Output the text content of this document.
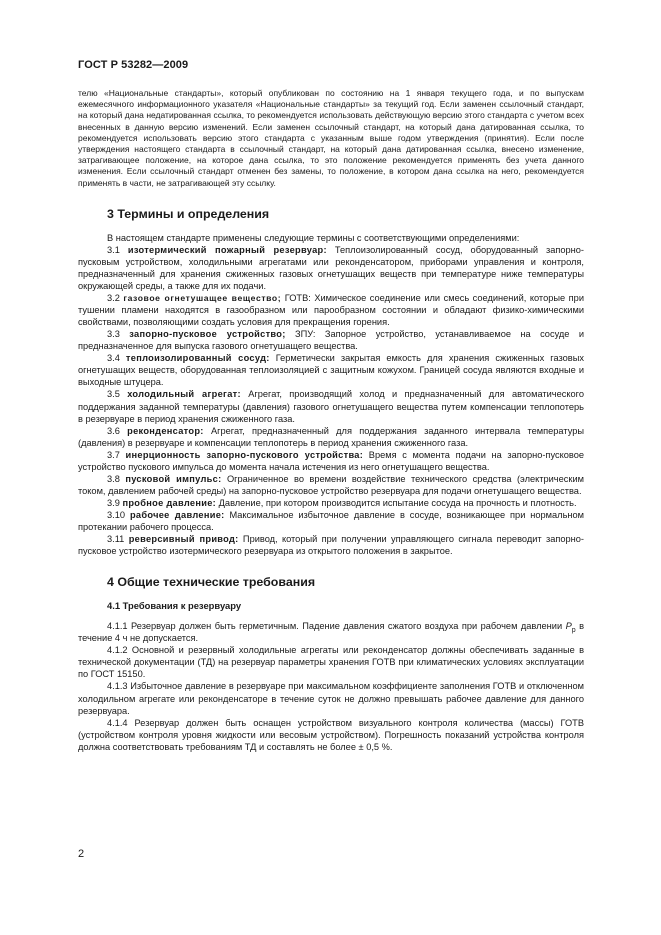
ГОСТ Р 53282—2009

телю «Национальные стандарты», который опубликован по состоянию на 1 января текущего года, и по выпускам ежемесячного информационного указателя «Национальные стандарты» за текущий год. Если заменен ссылочный стандарт, на который дана недатированная ссылка, то рекомендуется использовать действующую версию этого стандарта с учетом всех внесенных в данную версию изменений. Если заменен ссылочный стандарт, на который дана датированная ссылка, то рекомендуется использовать версию этого стандарта с указанным выше годом утверждения (принятия). Если после утверждения настоящего стандарта в ссылочный стандарт, на который дана датированная ссылка, внесено изменение, затрагивающее положение, на которое дана ссылка, то это положение рекомендуется применять без учета данного изменения. Если ссылочный стандарт отменен без замены, то положение, в котором дана ссылка на него, рекомендуется применять в части, не затрагивающей эту ссылку.

3 Термины и определения

В настоящем стандарте применены следующие термины с соответствующими определениями:

3.1 изотермический пожарный резервуар: Теплоизолированный сосуд, оборудованный запорно-пусковым устройством, холодильными агрегатами или реконденсатором, приборами управления и контроля, предназначенный для хранения сжиженных газовых огнетушащих веществ при температуре ниже температуры окружающей среды, а также для их подачи.

3.2 газовое огнетушащее вещество; ГОТВ: Химическое соединение или смесь соединений, которые при тушении пламени находятся в газообразном или парообразном состоянии и обладают физико-химическими свойствами, позволяющими создать условия для прекращения горения.

3.3 запорно-пусковое устройство; ЗПУ: Запорное устройство, устанавливаемое на сосуде и предназначенное для выпуска газового огнетушащего вещества.

3.4 теплоизолированный сосуд: Герметически закрытая емкость для хранения сжиженных газовых огнетушащих веществ, оборудованная теплоизоляцией с защитным кожухом. Границей сосуда являются входные и выходные штуцера.

3.5 холодильный агрегат: Агрегат, производящий холод и предназначенный для автоматического поддержания заданной температуры (давления) газового огнетушащего вещества путем компенсации теплопотерь в резервуаре в период хранения сжиженного газа.

3.6 реконденсатор: Агрегат, предназначенный для поддержания заданного интервала температуры (давления) в резервуаре и компенсации теплопотерь в период хранения сжиженного газа.

3.7 инерционность запорно-пускового устройства: Время с момента подачи на запорно-пусковое устройство пускового импульса до момента начала истечения из него огнетушащего вещества.

3.8 пусковой импульс: Ограниченное во времени воздействие технического средства (электрическим током, давлением рабочей среды) на запорно-пусковое устройство резервуара для подачи огнетушащего вещества.

3.9 пробное давление: Давление, при котором производится испытание сосуда на прочность и плотность.

3.10 рабочее давление: Максимальное избыточное давление в сосуде, возникающее при нормальном протекании рабочего процесса.

3.11 реверсивный привод: Привод, который при получении управляющего сигнала переводит запорно-пусковое устройство изотермического резервуара из открытого положения в закрытое.

4 Общие технические требования

4.1 Требования к резервуару

4.1.1 Резервуар должен быть герметичным. Падение давления сжатого воздуха при рабочем давлении $P_р$ в течение 4 ч не допускается.

4.1.2 Основной и резервный холодильные агрегаты или реконденсатор должны обеспечивать заданные в технической документации (ТД) на резервуар параметры хранения ГОТВ при климатических условиях эксплуатации по ГОСТ 15150.

4.1.3 Избыточное давление в резервуаре при максимальном коэффициенте заполнения ГОТВ и отключенном холодильном агрегате или реконденсаторе в течение суток не должно превышать рабочее давление для данного резервуара.

4.1.4 Резервуар должен быть оснащен устройством визуального контроля количества (массы) ГОТВ (устройством контроля уровня жидкости или весовым устройством). Погрешность показаний устройства контроля должна соответствовать требованиям ТД и составлять не более ± 0,5 %.

2
